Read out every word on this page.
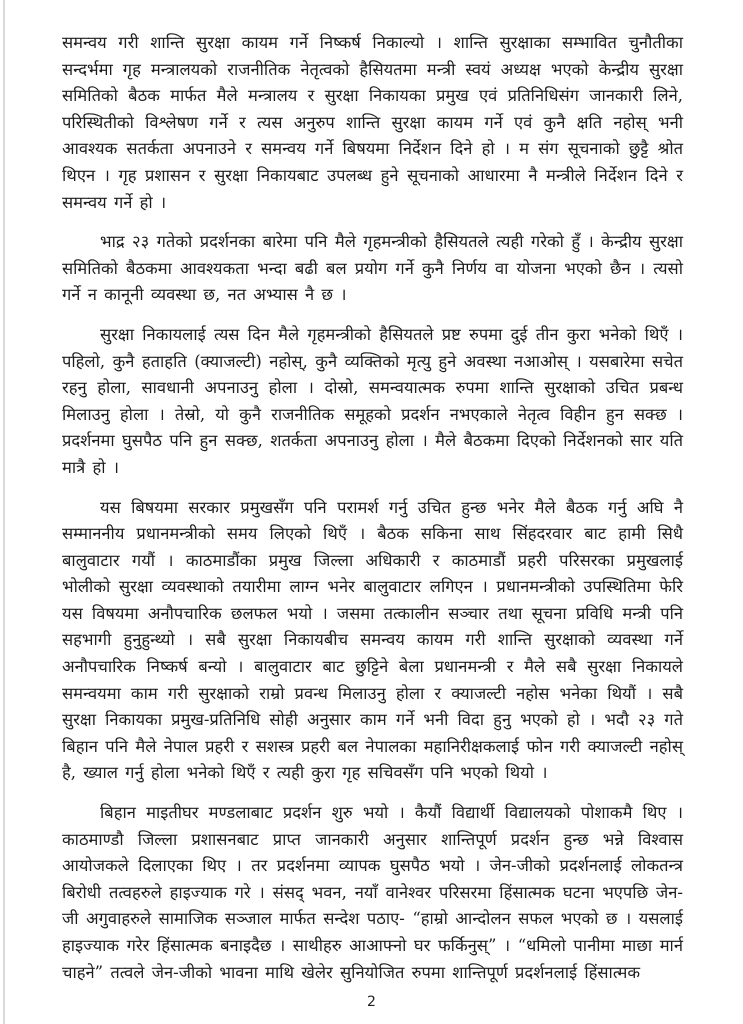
समन्वय गरी शान्ति सुरक्षा कायम गर्ने निष्कर्ष निकाल्यो । शान्ति सुरक्षाका सम्भावित चुनौतीका सन्दर्भमा गृह मन्त्रालयको राजनीतिक नेतृत्वको हैसियतमा मन्त्री स्वयं अध्यक्ष भएको केन्द्रीय सुरक्षा समितिको बैठक मार्फत मैले मन्त्रालय र सुरक्षा निकायका प्रमुख एवं प्रतिनिधिसंग जानकारी लिने, परिस्थितीको विश्लेषण गर्ने र त्यस अनुरुप शान्ति सुरक्षा कायम गर्ने एवं कुनै क्षति नहोस् भनी आवश्यक सतर्कता अपनाउने र समन्वय गर्ने बिषयमा निर्देशन दिने हो । म संग सूचनाको छुट्टै श्रोत थिएन । गृह प्रशासन र सुरक्षा निकायबाट उपलब्ध हुने सूचनाको आधारमा नै मन्त्रीले निर्देशन दिने र समन्वय गर्ने हो ।

भाद्र २३ गतेको प्रदर्शनका बारेमा पनि मैले गृहमन्त्रीको हैसियतले त्यही गरेको हुँ । केन्द्रीय सुरक्षा समितिको बैठकमा आवश्यकता भन्दा बढी बल प्रयोग गर्ने कुनै निर्णय वा योजना भएको छैन । त्यसो गर्ने न कानूनी व्यवस्था छ, नत अभ्यास नै छ ।

सुरक्षा निकायलाई त्यस दिन मैले गृहमन्त्रीको हैसियतले प्रष्ट रुपमा दुई तीन कुरा भनेको थिएँ । पहिलो, कुनै हताहति (क्याजल्टी) नहोस्, कुनै व्यक्तिको मृत्यु हुने अवस्था नआओस् । यसबारेमा सचेत रहनु होला, सावधानी अपनाउनु होला । दोस्रो, समन्वयात्मक रुपमा शान्ति सुरक्षाको उचित प्रबन्ध मिलाउनु होला । तेस्रो, यो कुनै राजनीतिक समूहको प्रदर्शन नभएकाले नेतृत्व विहीन हुन सक्छ । प्रदर्शनमा घुसपैठ पनि हुन सक्छ, शतर्कता अपनाउनु होला । मैले बैठकमा दिएको निर्देशनको सार यति मात्रै हो ।

यस बिषयमा सरकार प्रमुखसँग पनि परामर्श गर्नु उचित हुन्छ भनेर मैले बैठक गर्नु अघि नै सम्माननीय प्रधानमन्त्रीको समय लिएको थिएँ । बैठक सकिना साथ सिंहदरवार बाट हामी सिधै बालुवाटार गयौं । काठमाडौंका प्रमुख जिल्ला अधिकारी र काठमाडौं प्रहरी परिसरका प्रमुखलाई भोलीको सुरक्षा व्यवस्थाको तयारीमा लाग्न भनेर बालुवाटार लगिएन । प्रधानमन्त्रीको उपस्थितिमा फेरि यस विषयमा अनौपचारिक छलफल भयो । जसमा तत्कालीन सञ्चार तथा सूचना प्रविधि मन्त्री पनि सहभागी हुनुहुन्थ्यो । सबै सुरक्षा निकायबीच समन्वय कायम गरी शान्ति सुरक्षाको व्यवस्था गर्ने अनौपचारिक निष्कर्ष बन्यो । बालुवाटार बाट छुट्टिने बेला प्रधानमन्त्री र मैले सबै सुरक्षा निकायले समन्वयमा काम गरी सुरक्षाको राम्रो प्रवन्ध मिलाउनु होला र क्याजल्टी नहोस भनेका थियौं । सबै सुरक्षा निकायका प्रमुख-प्रतिनिधि सोही अनुसार काम गर्ने भनी विदा हुनु भएको हो । भदौ २३ गते बिहान पनि मैले नेपाल प्रहरी र सशस्त्र प्रहरी बल नेपालका महानिरीक्षकलाई फोन गरी क्याजल्टी नहोस् है, ख्याल गर्नु होला भनेको थिएँ र त्यही कुरा गृह सचिवसँग पनि भएको थियो ।

बिहान माइतीघर मण्डलाबाट प्रदर्शन शुरु भयो । कैयौं विद्यार्थी विद्यालयको पोशाकमै थिए । काठमाण्डौ जिल्ला प्रशासनबाट प्राप्त जानकारी अनुसार शान्तिपूर्ण प्रदर्शन हुन्छ भन्ने विश्वास आयोजकले दिलाएका थिए । तर प्रदर्शनमा व्यापक घुसपैठ भयो । जेन-जीको प्रदर्शनलाई लोकतन्त्र बिरोधी तत्वहरुले हाइज्याक गरे । संसद् भवन, नयाँ वानेश्वर परिसरमा हिंसात्मक घटना भएपछि जेन-जी अगुवाहरुले सामाजिक सञ्जाल मार्फत सन्देश पठाए- “हाम्रो आन्दोलन सफल भएको छ । यसलाई हाइज्याक गरेर हिंसात्मक बनाइदैछ । साथीहरु आआफ्नो घर फर्किनुस्” । “धमिलो पानीमा माछा मार्न चाहने” तत्वले जेन-जीको भावना माथि खेलेर सुनियोजित रुपमा शान्तिपूर्ण प्रदर्शनलाई हिंसात्मक

2
